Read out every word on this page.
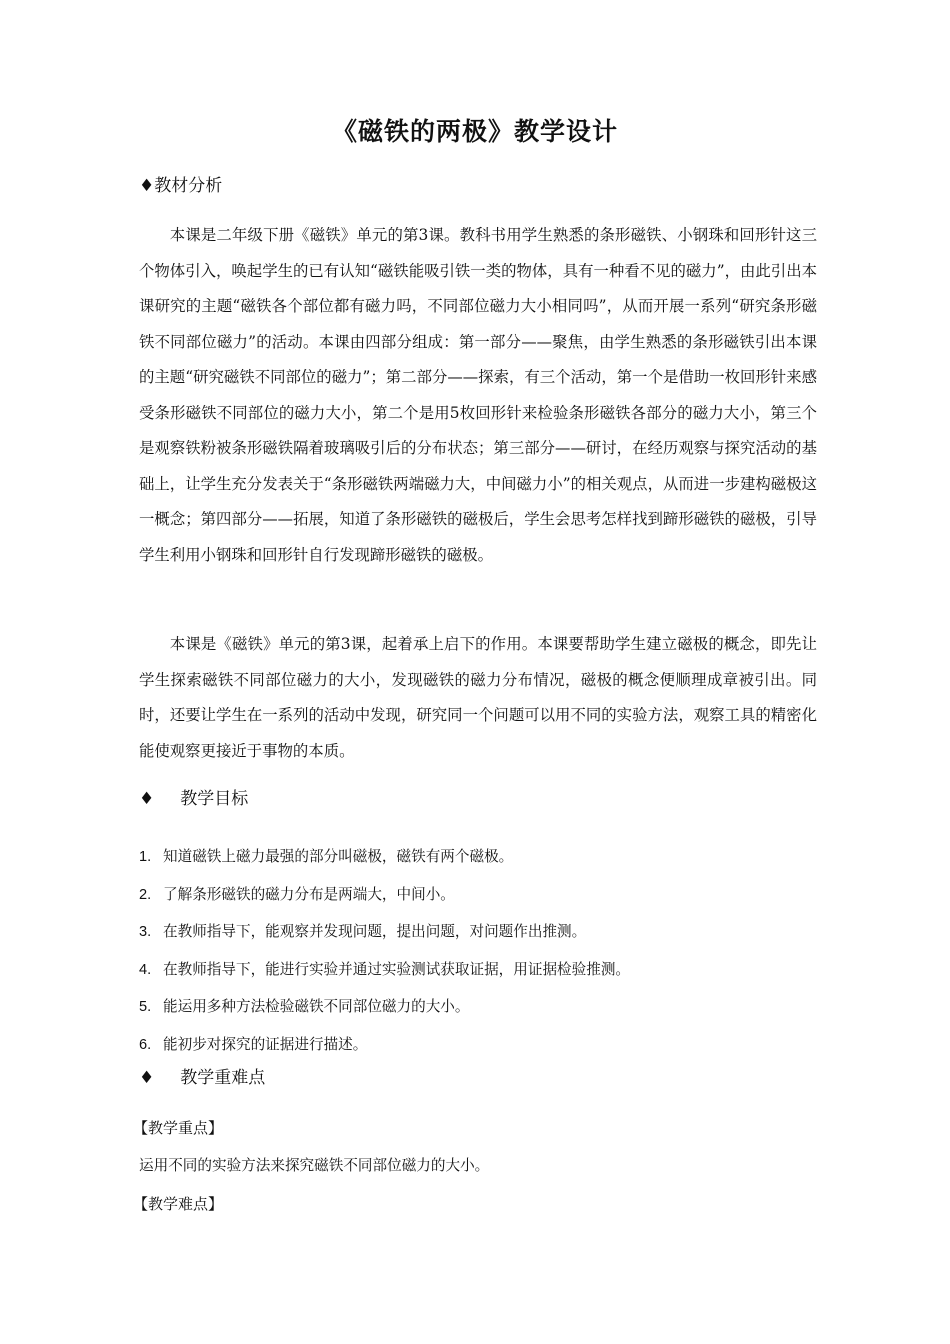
《磁铁的两极》教学设计
♦教材分析

本课是二年级下册《磁铁》单元的第3课。教科书用学生熟悉的条形磁铁、小钢珠和回形针这三个物体引入，唤起学生的已有认知“磁铁能吸引铁一类的物体，具有一种看不见的磁力”，由此引出本课研究的主题“磁铁各个部位都有磁力吗，不同部位磁力大小相同吗”，从而开展一系列“研究条形磁铁不同部位磁力”的活动。本课由四部分组成：第一部分——聚焦，由学生熟悉的条形磁铁引出本课的主题“研究磁铁不同部位的磁力”；第二部分——探索，有三个活动，第一个是借助一枚回形针来感受条形磁铁不同部位的磁力大小，第二个是用5枚回形针来检验条形磁铁各部分的磁力大小，第三个是观察铁粉被条形磁铁隔着玻璃吸引后的分布状态；第三部分——研讨，在经历观察与探究活动的基础上，让学生充分发表关于“条形磁铁两端磁力大，中间磁力小”的相关观点，从而进一步建构磁极这一概念；第四部分——拓展，知道了条形磁铁的磁极后，学生会思考怎样找到蹄形磁铁的磁极，引导学生利用小钢珠和回形针自行发现蹄形磁铁的磁极。

本课是《磁铁》单元的第3课，起着承上启下的作用。本课要帮助学生建立磁极的概念，即先让学生探索磁铁不同部位磁力的大小，发现磁铁的磁力分布情况，磁极的概念便顺理成章被引出。同时，还要让学生在一系列的活动中发现，研究同一个问题可以用不同的实验方法，观察工具的精密化能使观察更接近于事物的本质。

♦ 教学目标
1. 知道磁铁上磁力最强的部分叫磁极，磁铁有两个磁极。
2. 了解条形磁铁的磁力分布是两端大，中间小。
3. 在教师指导下，能观察并发现问题，提出问题，对问题作出推测。
4. 在教师指导下，能进行实验并通过实验测试获取证据，用证据检验推测。
5. 能运用多种方法检验磁铁不同部位磁力的大小。
6. 能初步对探究的证据进行描述。
♦ 教学重难点
【教学重点】
运用不同的实验方法来探究磁铁不同部位磁力的大小。
【教学难点】
